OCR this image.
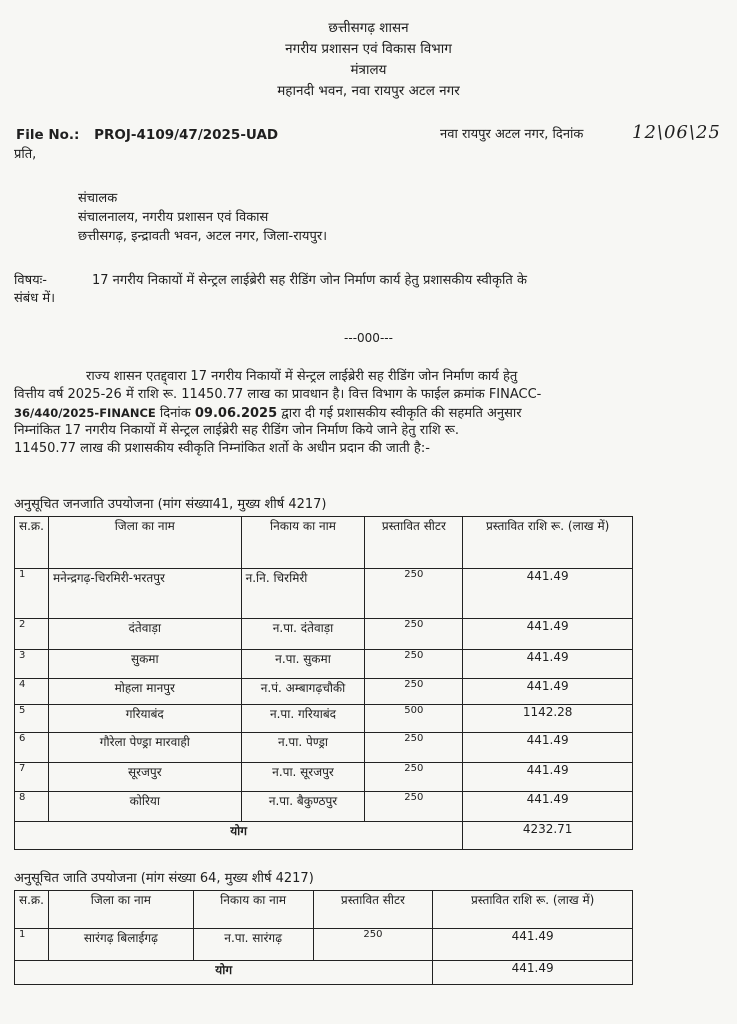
छत्तीसगढ़ शासन
नगरीय प्रशासन एवं विकास विभाग
मंत्रालय
महानदी भवन, नवा रायपुर अटल नगर
File No.: PROJ-4109/47/2025-UAD	नवा रायपुर अटल नगर, दिनांक	12\06\25
प्रति,
संचालक
संचालनालय, नगरीय प्रशासन एवं विकास
छत्तीसगढ़, इन्द्रावती भवन, अटल नगर, जिला-रायपुर।
विषयः-	17 नगरीय निकायों में सेन्ट्रल लाईब्रेरी सह रीडिंग जोन निर्माण कार्य हेतु प्रशासकीय स्वीकृति के
संबंध में।
---000---
राज्य शासन एतद्द्वारा 17 नगरीय निकायों में सेन्ट्रल लाईब्रेरी सह रीडिंग जोन निर्माण कार्य हेतु
वित्तीय वर्ष 2025-26 में राशि रू. 11450.77 लाख का प्रावधान है। वित्त विभाग के फाईल क्रमांक FINACC-
36/440/2025-FINANCE दिनांक 09.06.2025 द्वारा दी गई प्रशासकीय स्वीकृति की सहमति अनुसार
निम्नांकित 17 नगरीय निकायों में सेन्ट्रल लाईब्रेरी सह रीडिंग जोन निर्माण किये जाने हेतु राशि रू.
11450.77 लाख की प्रशासकीय स्वीकृति निम्नांकित शर्तो के अधीन प्रदान की जाती है:-
अनुसूचित जनजाति उपयोजना (मांग संख्या41, मुख्य शीर्ष 4217)
स.क्र.	जिला का नाम	निकाय का नाम	प्रस्तावित सीटर	प्रस्तावित राशि रू. (लाख में)
1	मनेन्द्रगढ़-चिरमिरी-भरतपुर	न.नि. चिरमिरी	250	441.49
2	दंतेवाड़ा	न.पा. दंतेवाड़ा	250	441.49
3	सुकमा	न.पा. सुकमा	250	441.49
4	मोहला मानपुर	न.पं. अम्बागढ़चौकी	250	441.49
5	गरियाबंद	न.पा. गरियाबंद	500	1142.28
6	गौरेला पेण्ड्रा मारवाही	न.पा. पेण्ड्रा	250	441.49
7	सूरजपुर	न.पा. सूरजपुर	250	441.49
8	कोरिया	न.पा. बैकुण्ठपुर	250	441.49
योग				4232.71
अनुसूचित जाति उपयोजना (मांग संख्या 64, मुख्य शीर्ष 4217)
स.क्र.	जिला का नाम	निकाय का नाम	प्रस्तावित सीटर	प्रस्तावित राशि रू. (लाख में)
1	सारंगढ़ बिलाईगढ़	न.पा. सारंगढ़	250	441.49
योग				441.49
